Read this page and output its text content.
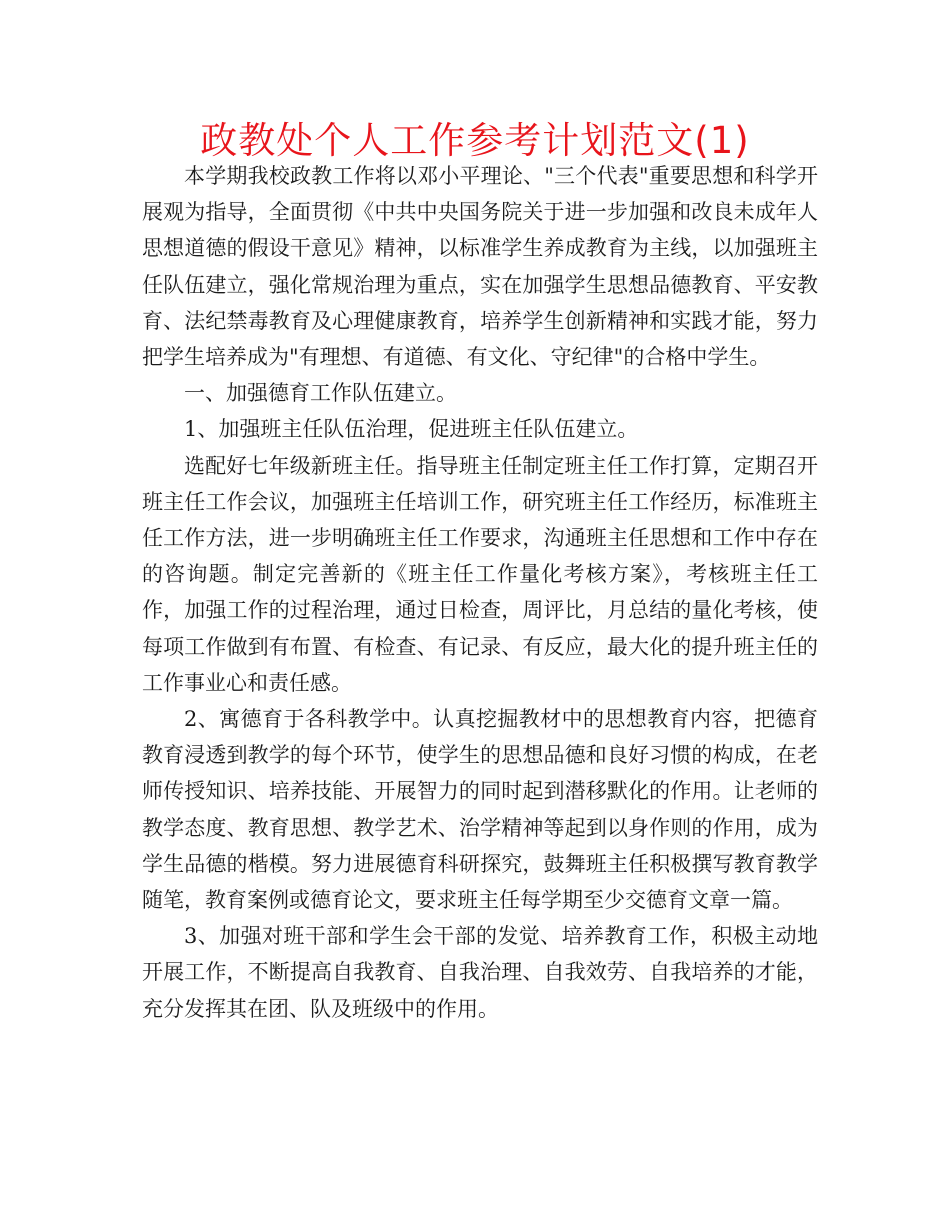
政教处个人工作参考计划范文(1)

本学期我校政教工作将以邓小平理论、"三个代表"重要思想和科学开展观为指导，全面贯彻《中共中央国务院关于进一步加强和改良未成年人思想道德的假设干意见》精神，以标准学生养成教育为主线，以加强班主任队伍建立，强化常规治理为重点，实在加强学生思想品德教育、平安教育、法纪禁毒教育及心理健康教育，培养学生创新精神和实践才能，努力把学生培养成为"有理想、有道德、有文化、守纪律"的合格中学生。

一、加强德育工作队伍建立。

1、加强班主任队伍治理，促进班主任队伍建立。

选配好七年级新班主任。指导班主任制定班主任工作打算，定期召开班主任工作会议，加强班主任培训工作，研究班主任工作经历，标准班主任工作方法，进一步明确班主任工作要求，沟通班主任思想和工作中存在的咨询题。制定完善新的《班主任工作量化考核方案》，考核班主任工作，加强工作的过程治理，通过日检查，周评比，月总结的量化考核，使每项工作做到有布置、有检查、有记录、有反应，最大化的提升班主任的工作事业心和责任感。

2、寓德育于各科教学中。认真挖掘教材中的思想教育内容，把德育教育浸透到教学的每个环节，使学生的思想品德和良好习惯的构成，在老师传授知识、培养技能、开展智力的同时起到潜移默化的作用。让老师的教学态度、教育思想、教学艺术、治学精神等起到以身作则的作用，成为学生品德的楷模。努力进展德育科研探究，鼓舞班主任积极撰写教育教学随笔，教育案例或德育论文，要求班主任每学期至少交德育文章一篇。

3、加强对班干部和学生会干部的发觉、培养教育工作，积极主动地开展工作，不断提高自我教育、自我治理、自我效劳、自我培养的才能，充分发挥其在团、队及班级中的作用。
